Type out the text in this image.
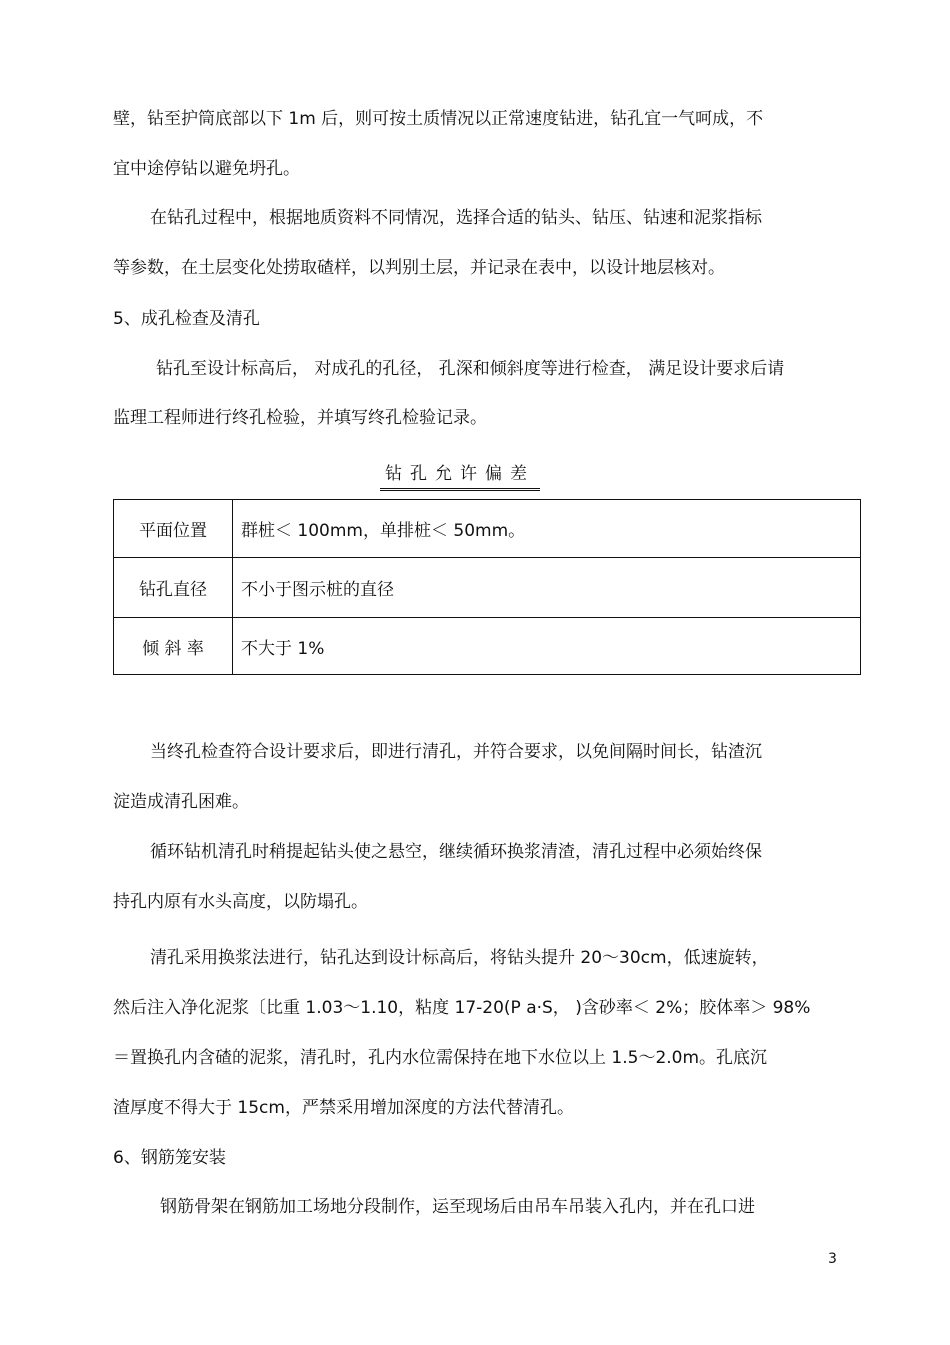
壁，钻至护筒底部以下 1m 后，则可按土质情况以正常速度钻进，钻孔宜一气呵成，不
宜中途停钻以避免坍孔。
在钻孔过程中，根据地质资料不同情况，选择合适的钻头、钻压、钻速和泥浆指标
等参数，在土层变化处捞取碴样，以判别土层，并记录在表中，以设计地层核对。
5、成孔检查及清孔
钻孔至设计标高后， 对成孔的孔径， 孔深和倾斜度等进行检查， 满足设计要求后请
监理工程师进行终孔检验，并填写终孔检验记录。
钻孔允许偏差
平面位置	群桩＜ 100mm，单排桩＜ 50mm。
钻孔直径	不小于图示桩的直径
倾 斜 率	不大于 1%
当终孔检查符合设计要求后，即进行清孔，并符合要求，以免间隔时间长，钻渣沉
淀造成清孔困难。
循环钻机清孔时稍提起钻头使之悬空，继续循环换浆清渣，清孔过程中必须始终保
持孔内原有水头高度，以防塌孔。
清孔采用换浆法进行，钻孔达到设计标高后，将钻头提升 20～30cm，低速旋转，
然后注入净化泥浆〔比重 1.03～1.10，粘度 17-20(P a·S， )含砂率＜ 2%；胶体率＞ 98%
＝置换孔内含碴的泥浆，清孔时，孔内水位需保持在地下水位以上 1.5～2.0m。孔底沉
渣厚度不得大于 15cm，严禁采用增加深度的方法代替清孔。
6、钢筋笼安装
钢筋骨架在钢筋加工场地分段制作，运至现场后由吊车吊装入孔内，并在孔口进
3
